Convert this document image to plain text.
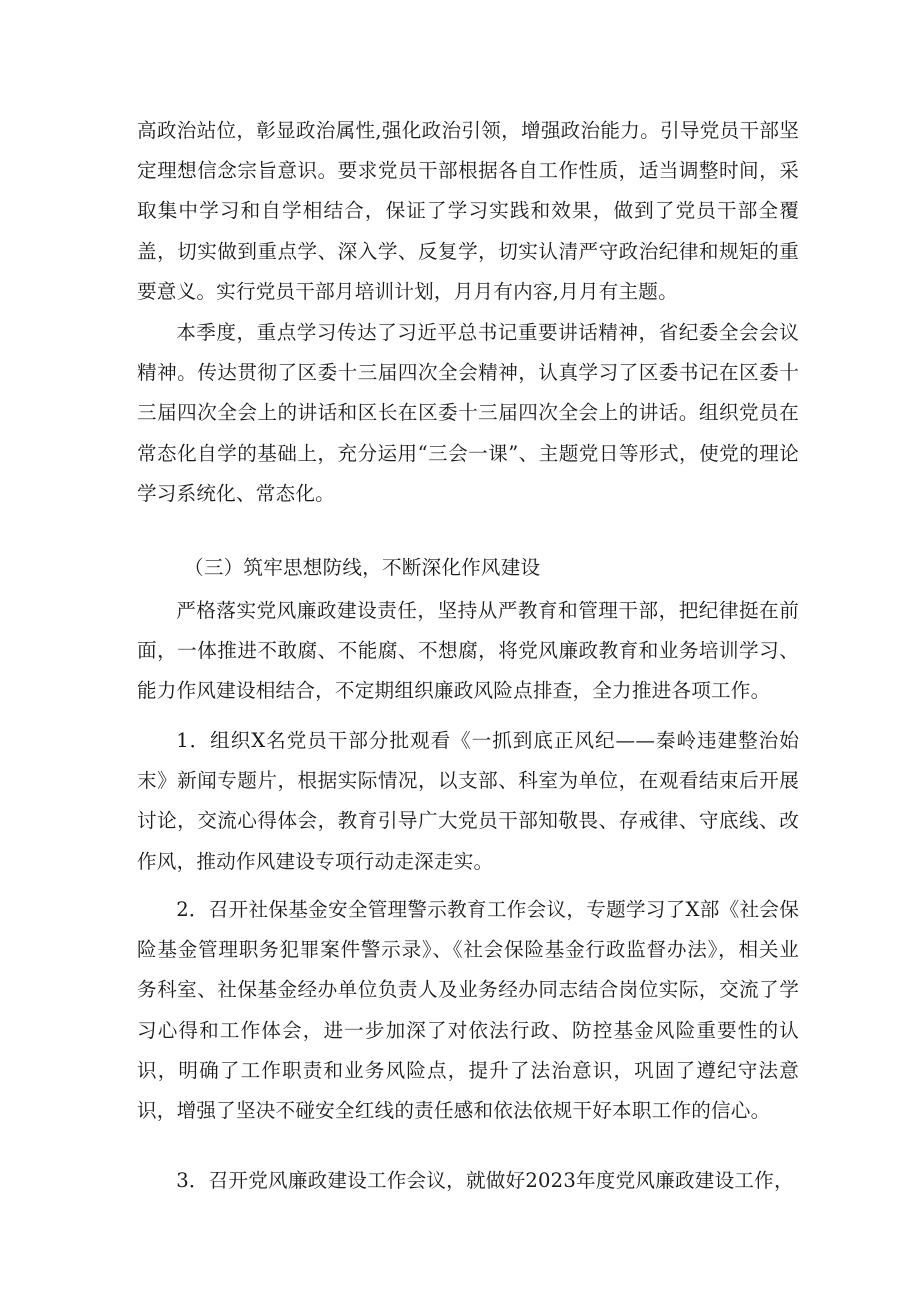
高政治站位，彰显政治属性,强化政治引领，增强政治能力。引导党员干部坚定理想信念宗旨意识。要求党员干部根据各自工作性质，适当调整时间，采取集中学习和自学相结合，保证了学习实践和效果，做到了党员干部全覆盖，切实做到重点学、深入学、反复学，切实认清严守政治纪律和规矩的重要意义。实行党员干部月培训计划，月月有内容,月月有主题。

本季度，重点学习传达了习近平总书记重要讲话精神，省纪委全会会议精神。传达贯彻了区委十三届四次全会精神，认真学习了区委书记在区委十三届四次全会上的讲话和区长在区委十三届四次全会上的讲话。组织党员在常态化自学的基础上，充分运用“三会一课”、主题党日等形式，使党的理论学习系统化、常态化。

（三）筑牢思想防线，不断深化作风建设

严格落实党风廉政建设责任，坚持从严教育和管理干部，把纪律挺在前面，一体推进不敢腐、不能腐、不想腐，将党风廉政教育和业务培训学习、能力作风建设相结合，不定期组织廉政风险点排查，全力推进各项工作。

1．组织X名党员干部分批观看《一抓到底正风纪——秦岭违建整治始末》新闻专题片，根据实际情况，以支部、科室为单位，在观看结束后开展讨论，交流心得体会，教育引导广大党员干部知敬畏、存戒律、守底线、改作风，推动作风建设专项行动走深走实。

2．召开社保基金安全管理警示教育工作会议，专题学习了X部《社会保险基金管理职务犯罪案件警示录》、《社会保险基金行政监督办法》，相关业务科室、社保基金经办单位负责人及业务经办同志结合岗位实际，交流了学习心得和工作体会，进一步加深了对依法行政、防控基金风险重要性的认识，明确了工作职责和业务风险点，提升了法治意识，巩固了遵纪守法意识，增强了坚决不碰安全红线的责任感和依法依规干好本职工作的信心。

3．召开党风廉政建设工作会议，就做好2023年度党风廉政建设工作，
